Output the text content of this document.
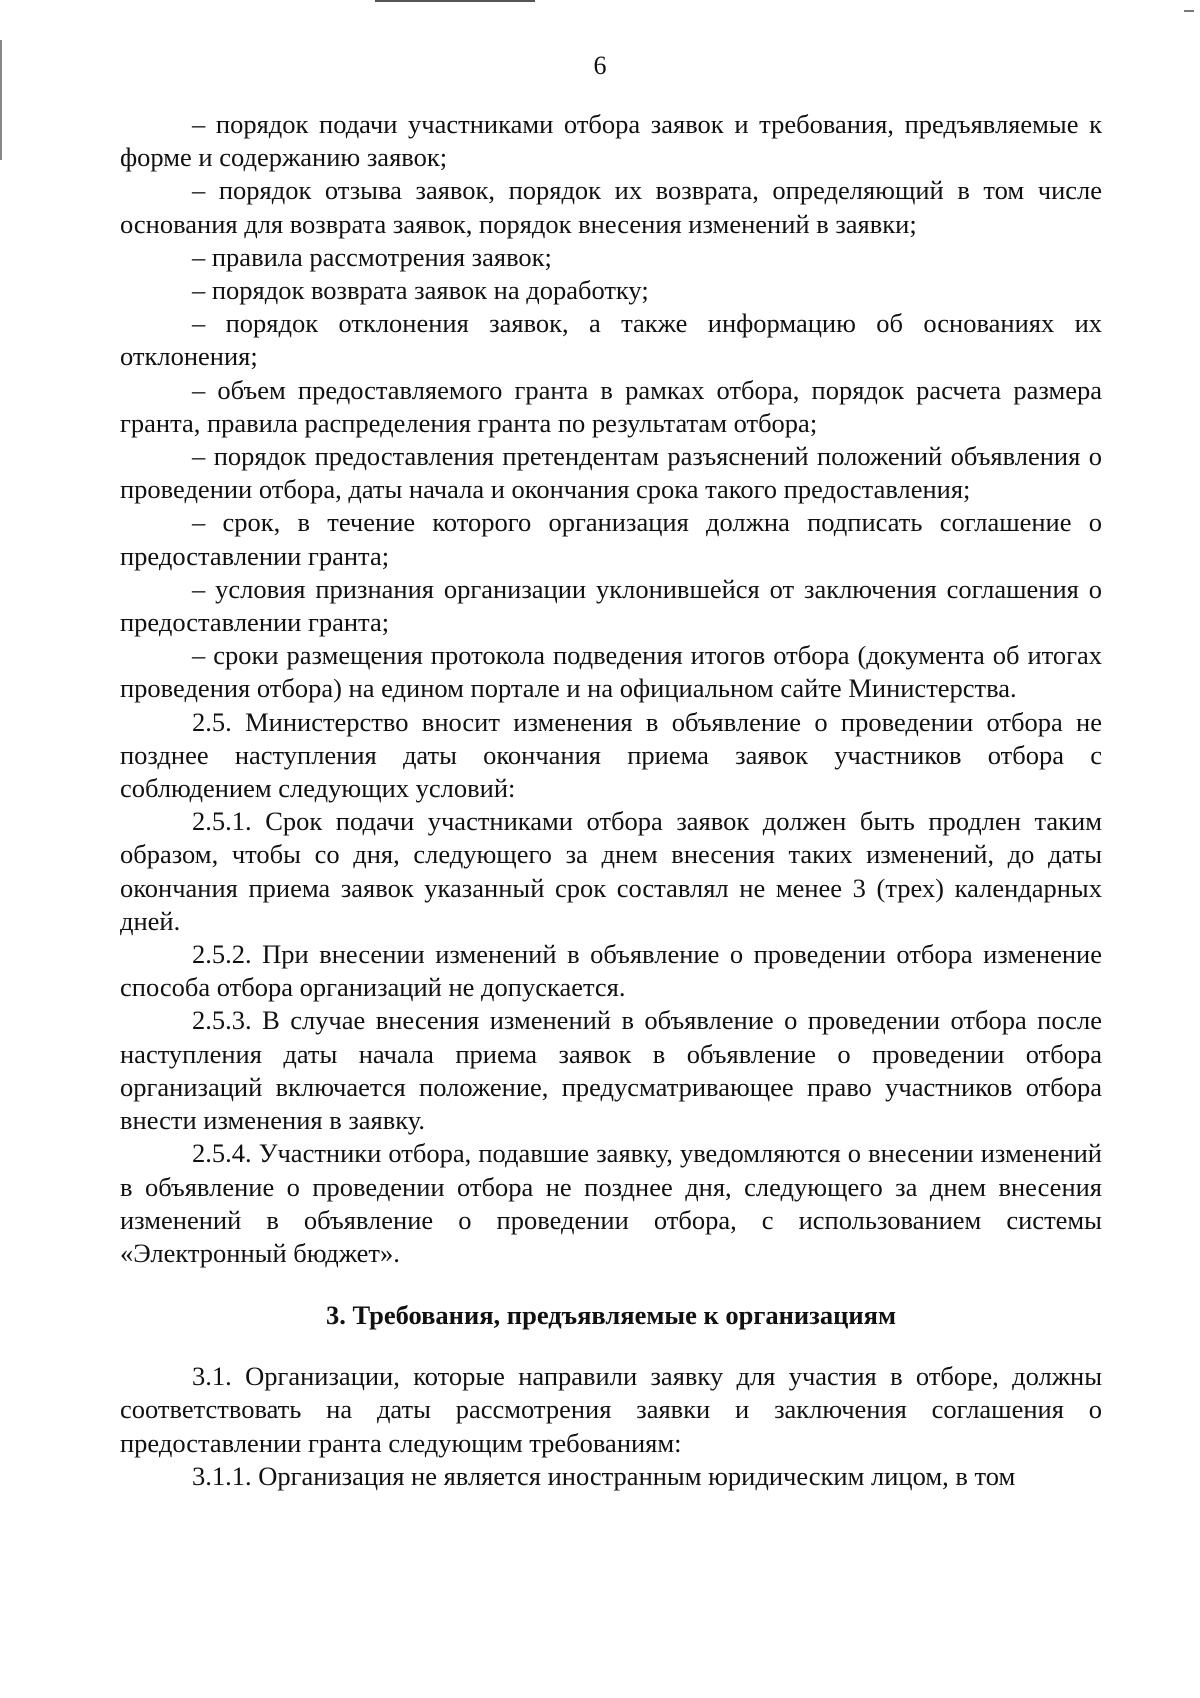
6

– порядок подачи участниками отбора заявок и требования, предъявляемые к форме и содержанию заявок;

– порядок отзыва заявок, порядок их возврата, определяющий в том числе основания для возврата заявок, порядок внесения изменений в заявки;

– правила рассмотрения заявок;

– порядок возврата заявок на доработку;

– порядок отклонения заявок, а также информацию об основаниях их отклонения;

– объем предоставляемого гранта в рамках отбора, порядок расчета размера гранта, правила распределения гранта по результатам отбора;

– порядок предоставления претендентам разъяснений положений объявления о проведении отбора, даты начала и окончания срока такого предоставления;

– срок, в течение которого организация должна подписать соглашение о предоставлении гранта;

– условия признания организации уклонившейся от заключения соглашения о предоставлении гранта;

– сроки размещения протокола подведения итогов отбора (документа об итогах проведения отбора) на едином портале и на официальном сайте Министерства.

2.5. Министерство вносит изменения в объявление о проведении отбора не позднее наступления даты окончания приема заявок участников отбора с соблюдением следующих условий:

2.5.1. Срок подачи участниками отбора заявок должен быть продлен таким образом, чтобы со дня, следующего за днем внесения таких изменений, до даты окончания приема заявок указанный срок составлял не менее 3 (трех) календарных дней.

2.5.2. При внесении изменений в объявление о проведении отбора изменение способа отбора организаций не допускается.

2.5.3. В случае внесения изменений в объявление о проведении отбора после наступления даты начала приема заявок в объявление о проведении отбора организаций включается положение, предусматривающее право участников отбора внести изменения в заявку.

2.5.4. Участники отбора, подавшие заявку, уведомляются о внесении изменений в объявление о проведении отбора не позднее дня, следующего за днем внесения изменений в объявление о проведении отбора, с использованием системы «Электронный бюджет».

3. Требования, предъявляемые к организациям

3.1. Организации, которые направили заявку для участия в отборе, должны соответствовать на даты рассмотрения заявки и заключения соглашения о предоставлении гранта следующим требованиям:

3.1.1. Организация не является иностранным юридическим лицом, в том
